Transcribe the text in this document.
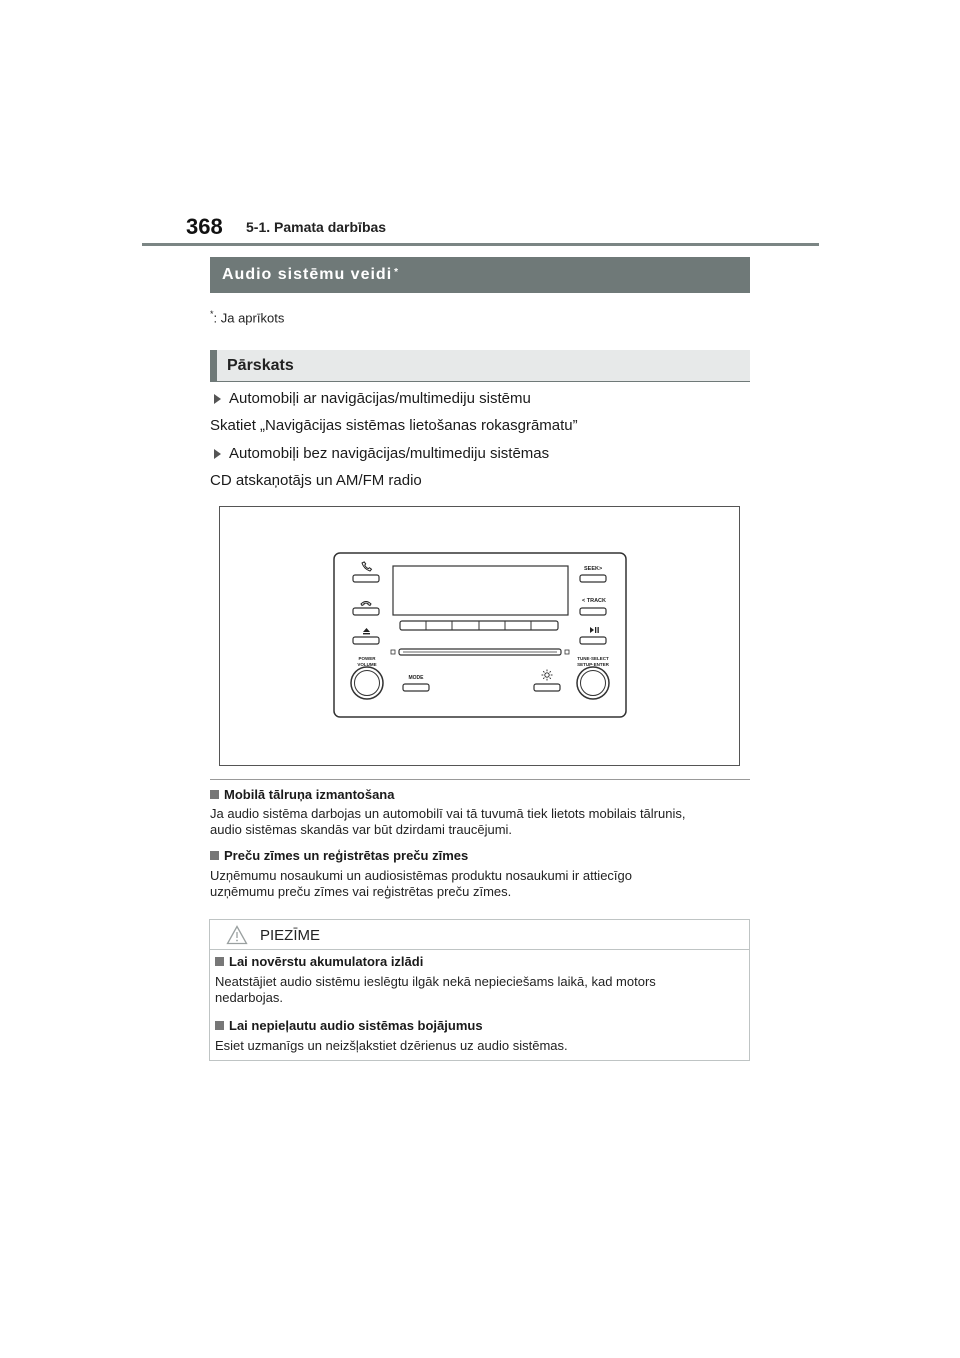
368 5-1. Pamata darbības
Audio sistēmu veidi*
*: Ja aprīkots
Pārskats
Automobiļi ar navigācijas/multimediju sistēmu
Skatiet „Navigācijas sistēmas lietošanas rokasgrāmatu”
Automobiļi bez navigācijas/multimediju sistēmas
CD atskaņotājs un AM/FM radio
SEEK>
< TRACK
POWER
VOLUME
TUNE·SELECT
SETUP·ENTER
MODE
Mobilā tālruņa izmantošana
Ja audio sistēma darbojas un automobilī vai tā tuvumā tiek lietots mobilais tālrunis,
audio sistēmas skandās var būt dzirdami traucējumi.
Preču zīmes un reģistrētas preču zīmes
Uzņēmumu nosaukumi un audiosistēmas produktu nosaukumi ir attiecīgo
uzņēmumu preču zīmes vai reģistrētas preču zīmes.
PIEZĪME
Lai novērstu akumulatora izlādi
Neatstājiet audio sistēmu ieslēgtu ilgāk nekā nepieciešams laikā, kad motors
nedarbojas.
Lai nepieļautu audio sistēmas bojājumus
Esiet uzmanīgs un neizšļakstiet dzērienus uz audio sistēmas.
